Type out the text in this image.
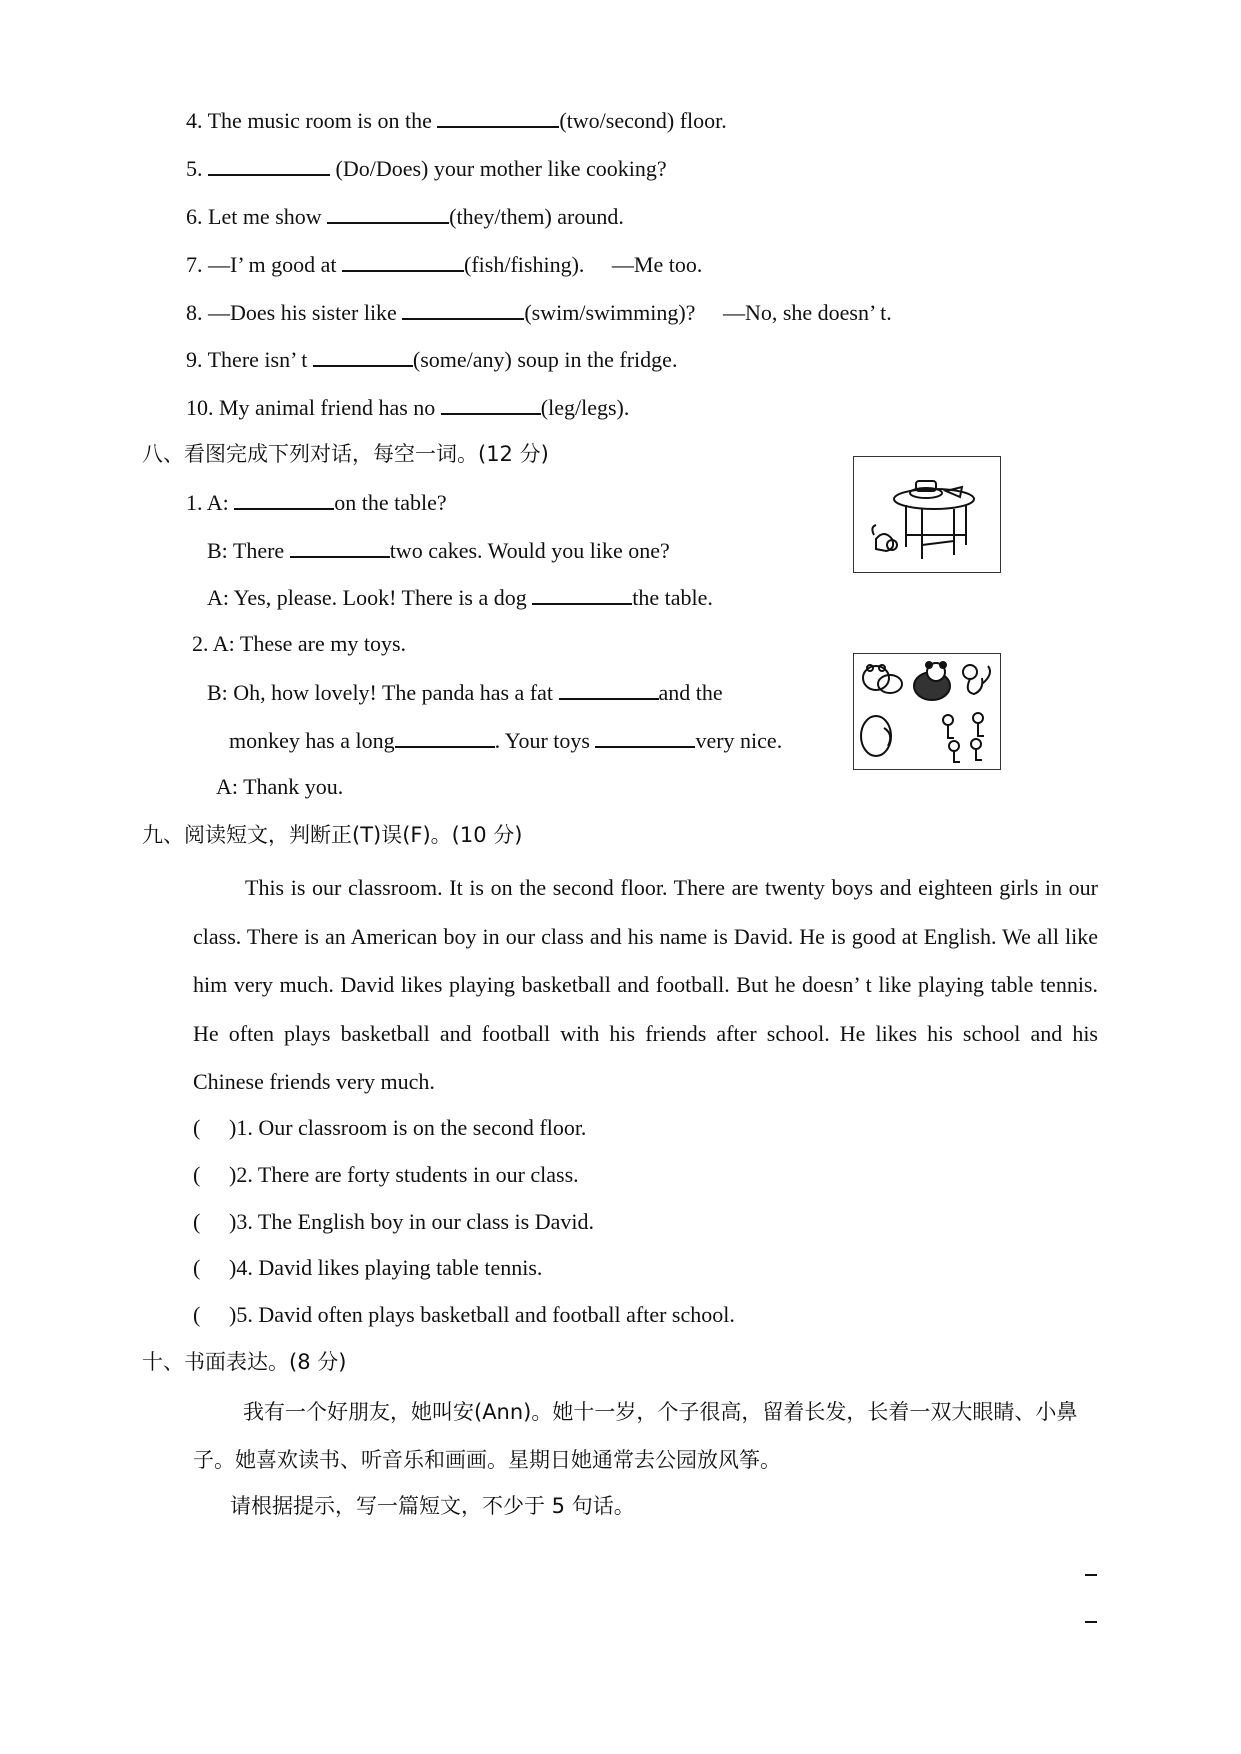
4. The music room is on the	(two/second) floor.
5.	(Do/Does) your mother like cooking?
6. Let me show	(they/them) around.
7. —I’ m good at	(fish/fishing). —Me too.
8. —Does his sister like	(swim/swimming)? —No, she doesn’ t.
9. There isn’ t	(some/any) soup in the fridge.
10. My animal friend has no	(leg/legs).
八、看图完成下列对话，每空一词。(12 分)
1. A:	on the table?
B: There	two cakes. Would you like one?
A: Yes, please. Look! There is a dog	the table.
2. A: These are my toys.
B: Oh, how lovely! The panda has a fat	and the
monkey has a long	. Your toys	very nice.
A: Thank you.
九、阅读短文，判断正(T)误(F)。(10 分)
This is our classroom. It is on the second floor. There are twenty boys and eighteen girls in our class. There is an American boy in our class and his name is David. He is good at English. We all like him very much. David likes playing basketball and football. But he doesn’ t like playing table tennis. He often plays basketball and football with his friends after school. He likes his school and his Chinese friends very much.
( )1. Our classroom is on the second floor.
( )2. There are forty students in our class.
( )3. The English boy in our class is David.
( )4. David likes playing table tennis.
( )5. David often plays basketball and football after school.
十、书面表达。(8 分)
我有一个好朋友，她叫安(Ann)。她十一岁，个子很高，留着长发，长着一双大眼睛、小鼻子。她喜欢读书、听音乐和画画。星期日她通常去公园放风筝。
请根据提示，写一篇短文，不少于 5 句话。
